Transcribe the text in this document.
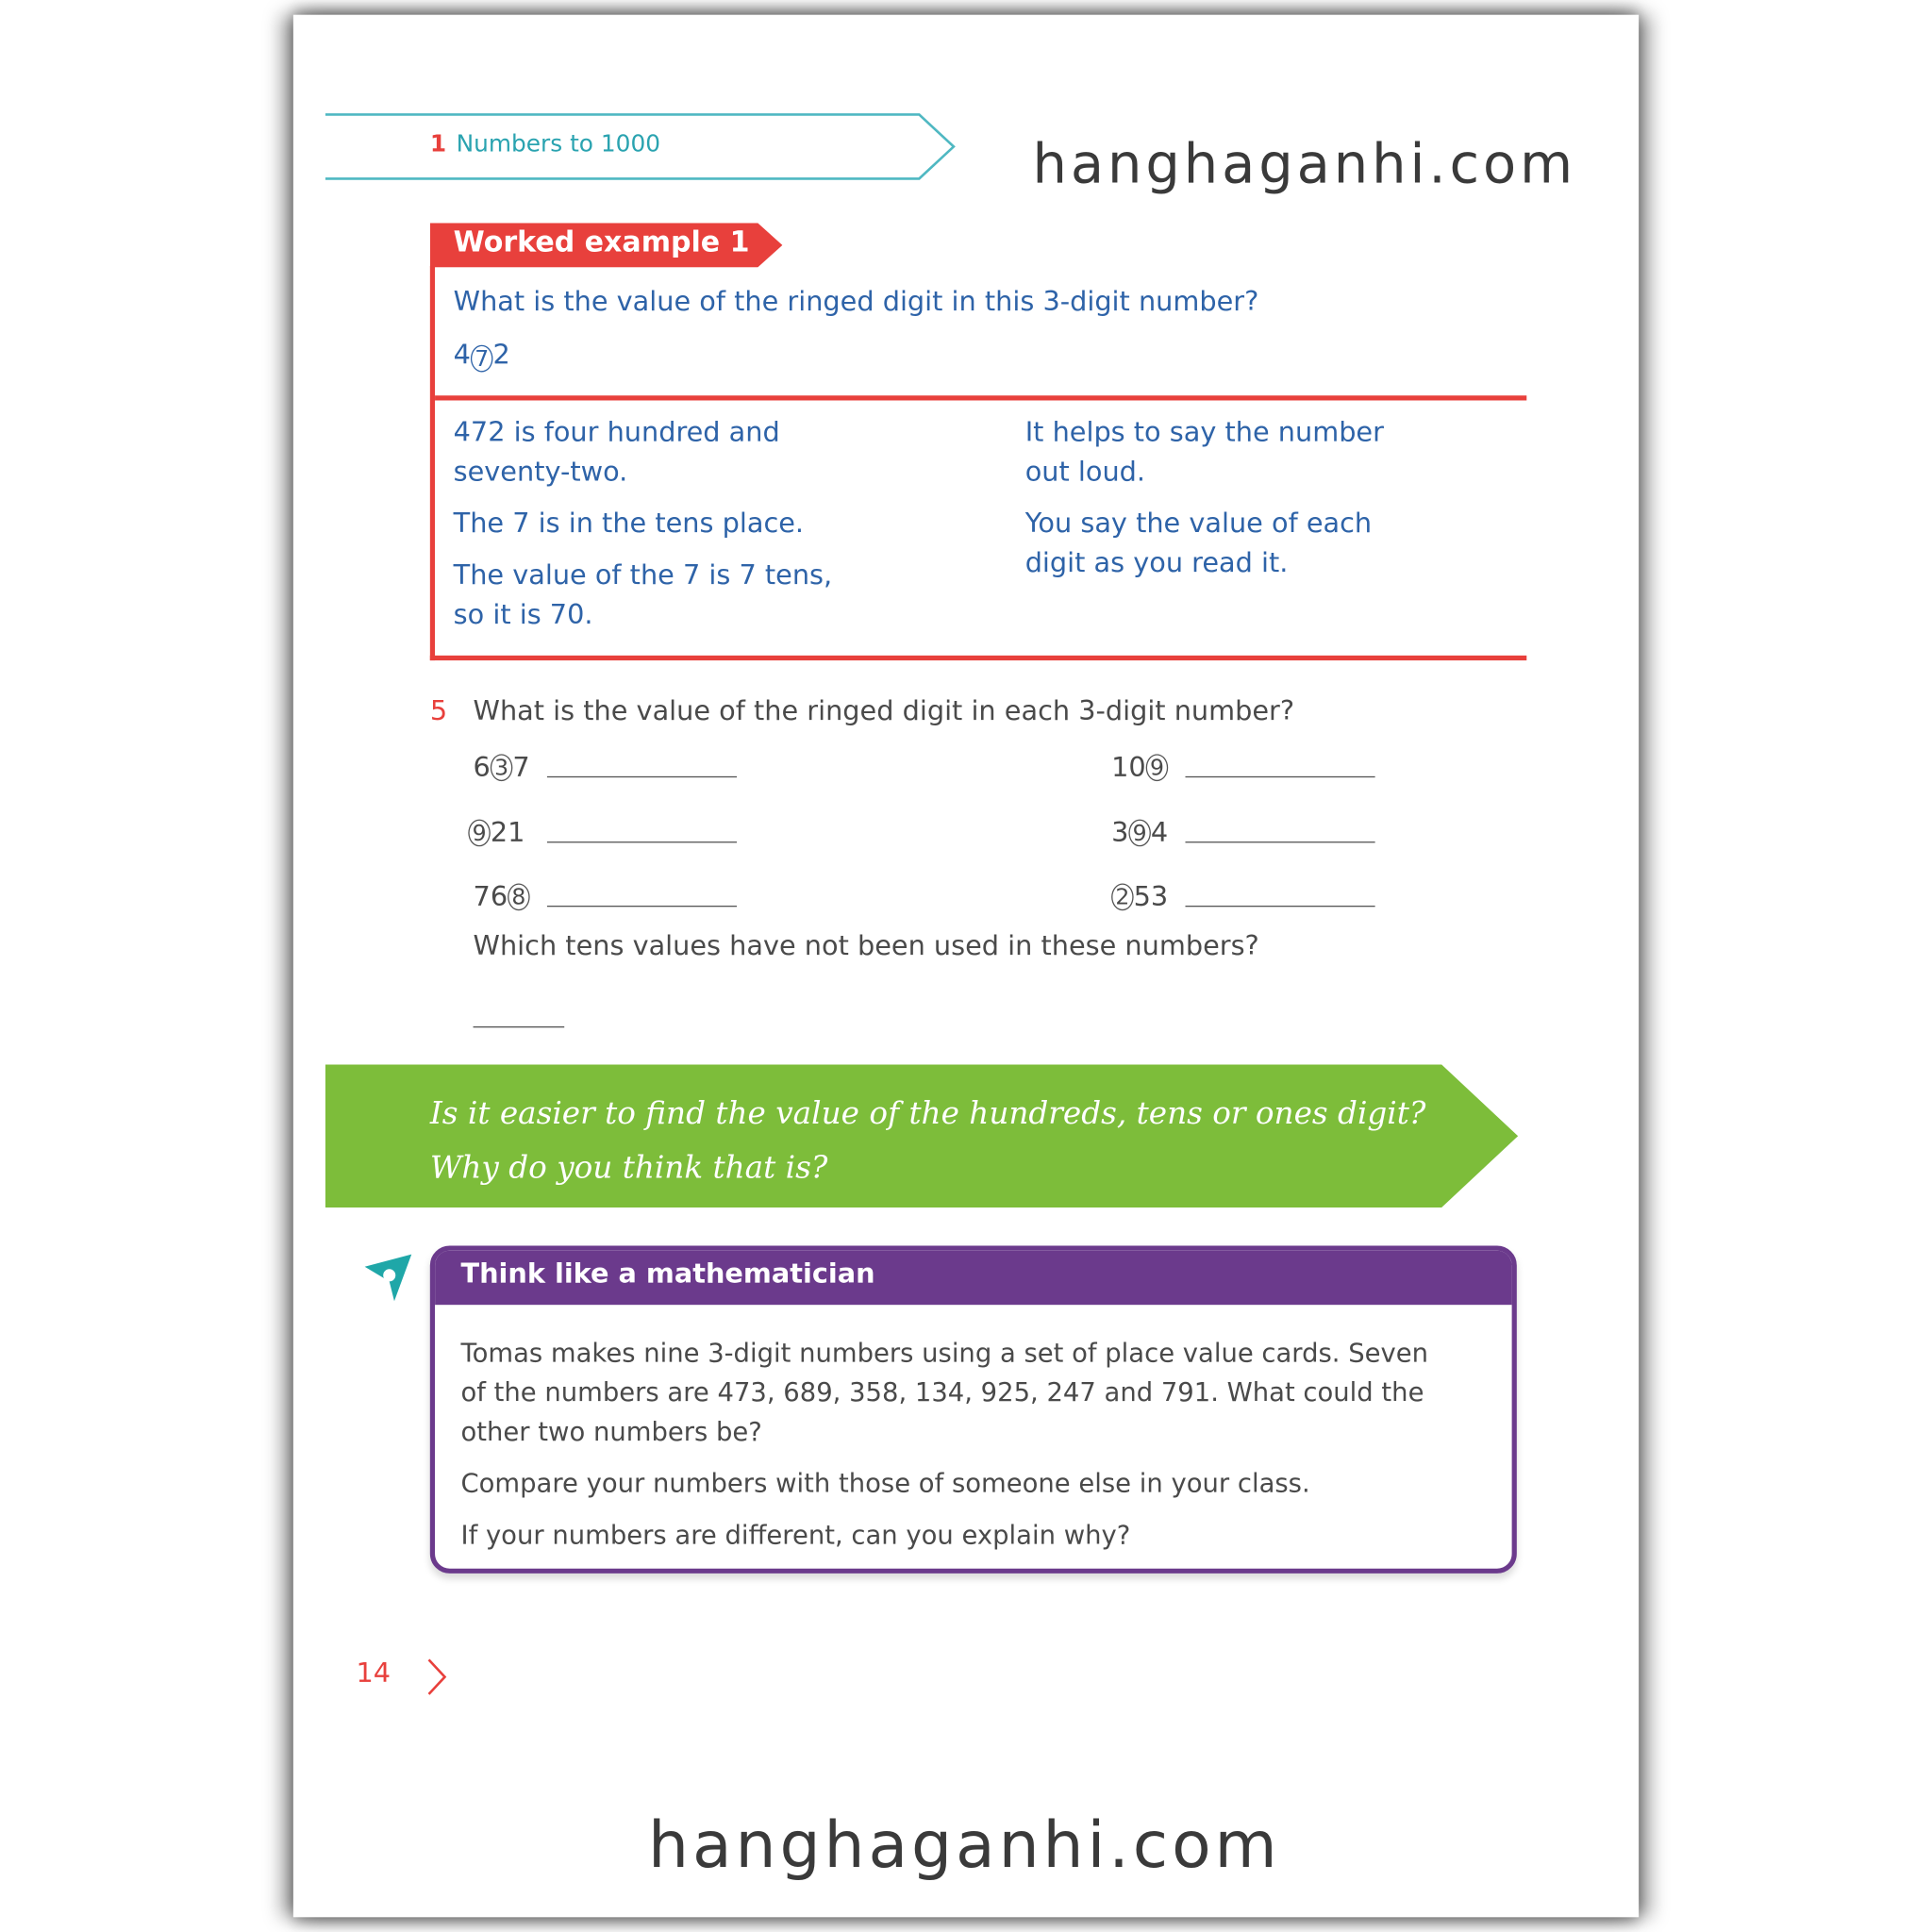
1 Numbers to 1000	hanghaganhi.com
Worked example 1
What is the value of the ringed digit in this 3-digit number?
4 7 2

472 is four hundred and seventy-two.

The 7 is in the tens place.

The value of the 7 is 7 tens, so it is 70.

It helps to say the number out loud.

You say the value of each digit as you read it.

5 What is the value of the ringed digit in each 3-digit number?
6 3 7	10 9
9 21	3 9 4
76 8	2 53
Which tens values have not been used in these numbers?
Is it easier to find the value of the hundreds, tens or ones digit?
Why do you think that is?
Think like a mathematician

Tomas makes nine 3-digit numbers using a set of place value cards. Seven of the numbers are 473, 689, 358, 134, 925, 247 and 791. What could the other two numbers be?

Compare your numbers with those of someone else in your class.

If your numbers are different, can you explain why?

14
hanghaganhi.com
